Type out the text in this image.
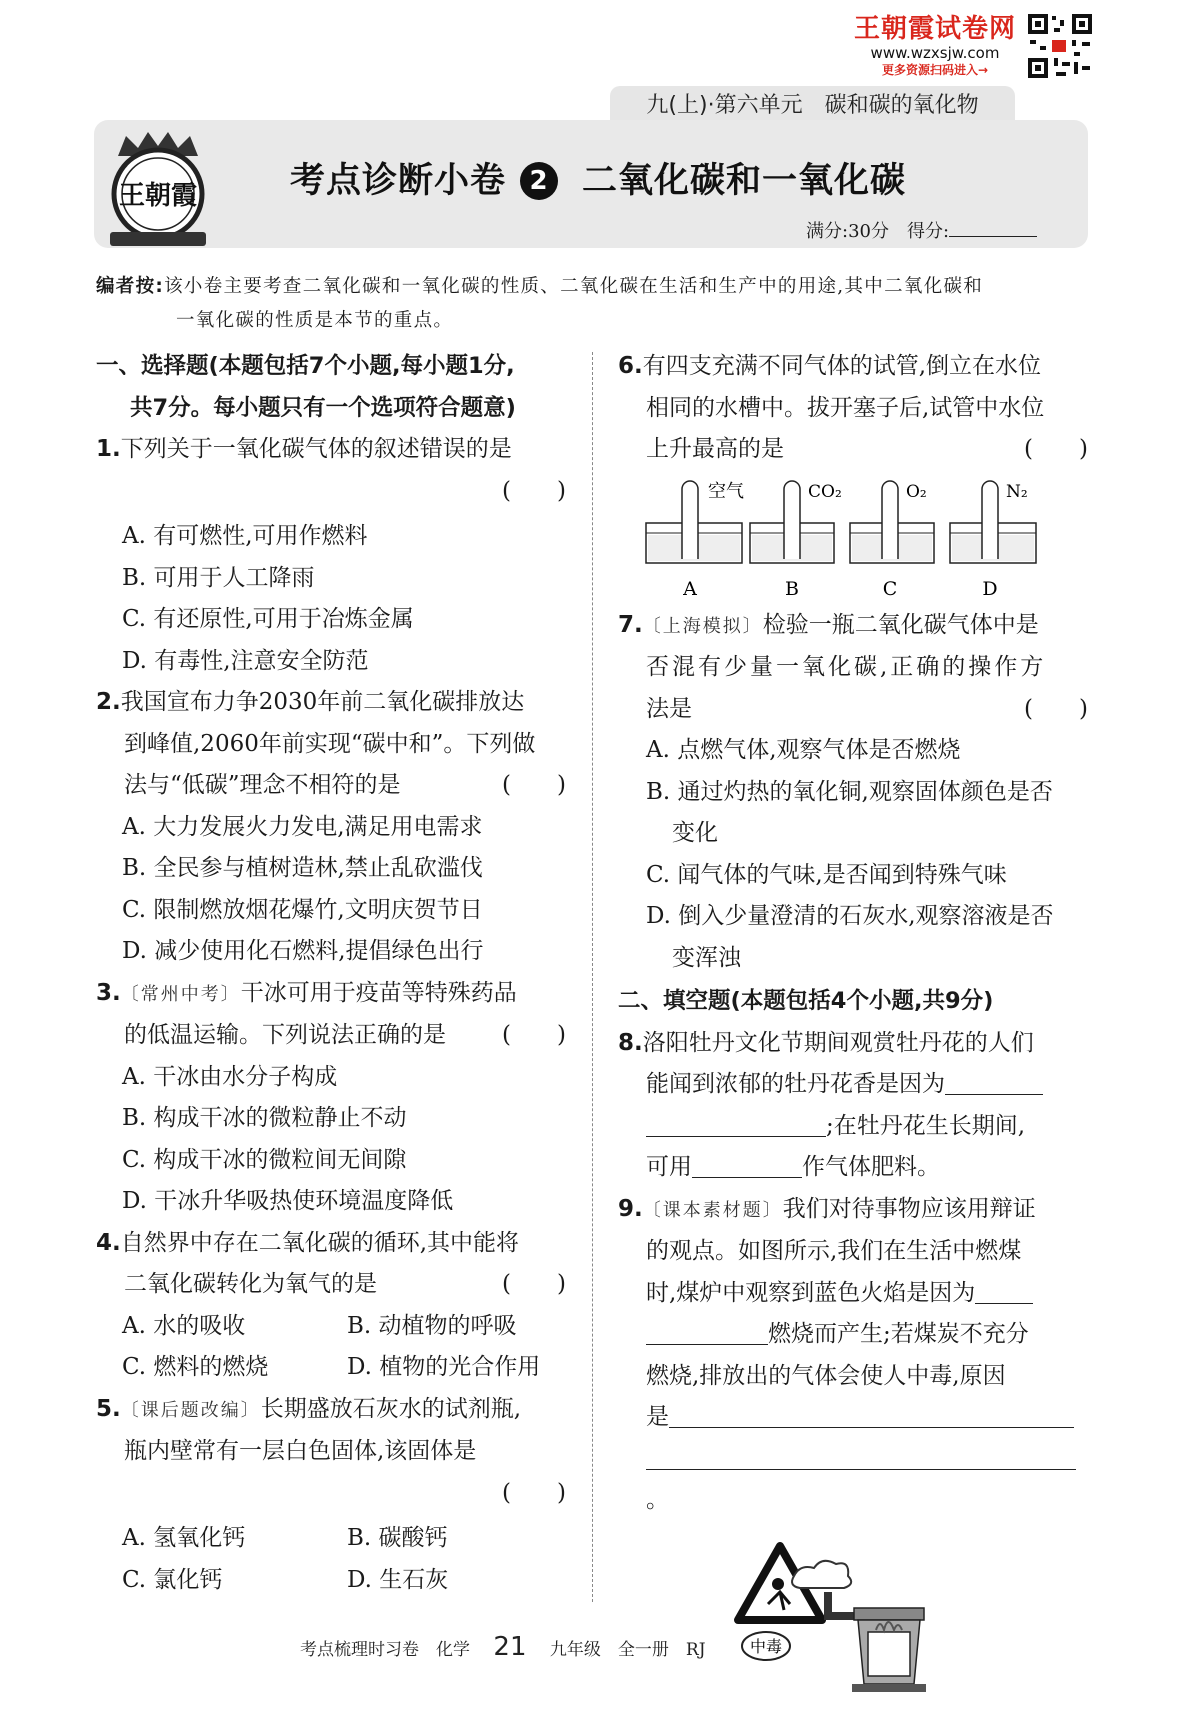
王朝霞试卷网
www.wzxsjw.com
更多资源扫码进入→
九(上)·第六单元　碳和碳的氧化物
王朝霞	考点诊断小卷 2 二氧化碳和一氧化碳
满分:30分　 得分:
编者按:该小卷主要考查二氧化碳和一氧化碳的性质、二氧化碳在生活和生产中的用途,其中二氧化碳和
一氧化碳的性质是本节的重点。
一、选择题(本题包括7个小题,每小题1分,
共7分。每小题只有一个选项符合题意)
1.下列关于一氧化碳气体的叙述错误的是
(　　)
A. 有可燃性,可用作燃料
B. 可用于人工降雨
C. 有还原性,可用于冶炼金属
D. 有毒性,注意安全防范
2.我国宣布力争2030年前二氧化碳排放达
到峰值,2060年前实现“碳中和”。下列做
法与“低碳”理念不相符的是	(　　)
A. 大力发展火力发电,满足用电需求
B. 全民参与植树造林,禁止乱砍滥伐
C. 限制燃放烟花爆竹,文明庆贺节日
D. 减少使用化石燃料,提倡绿色出行
3.〔常州中考〕干冰可用于疫苗等特殊药品
的低温运输。下列说法正确的是 (　　)
A. 干冰由水分子构成
B. 构成干冰的微粒静止不动
C. 构成干冰的微粒间无间隙
D. 干冰升华吸热使环境温度降低
4.自然界中存在二氧化碳的循环,其中能将
二氧化碳转化为氧气的是	(　　)
A. 水的吸收	B. 动植物的呼吸
C. 燃料的燃烧	D. 植物的光合作用
5.〔课后题改编〕长期盛放石灰水的试剂瓶,
瓶内壁常有一层白色固体,该固体是
(　　)
A. 氢氧化钙	B. 碳酸钙
C. 氯化钙	D. 生石灰
6.有四支充满不同气体的试管,倒立在水位
相同的水槽中。拔开塞子后,试管中水位
上升最高的是	(　　)
空气
A
CO₂
B
O₂
C
N₂
D
7.〔上海模拟〕检验一瓶二氧化碳气体中是
否混有少量一氧化碳,正确的操作方
法是	(　　)
A. 点燃气体,观察气体是否燃烧
B. 通过灼热的氧化铜,观察固体颜色是否
变化
C. 闻气体的气味,是否闻到特殊气味
D. 倒入少量澄清的石灰水,观察溶液是否
变浑浊
二、填空题(本题包括4个小题,共9分)
8.洛阳牡丹文化节期间观赏牡丹花的人们
能闻到浓郁的牡丹花香是因为
;在牡丹花生长期间,
可用	作气体肥料。
9.〔课本素材题〕我们对待事物应该用辩证
的观点。如图所示,我们在生活中燃煤
时,煤炉中观察到蓝色火焰是因为
燃烧而产生;若煤炭不充分
燃烧,排放出的气体会使人中毒,原因
是
。
中毒
考点梳理时习卷　化学 21 九年级　全一册　RJ
